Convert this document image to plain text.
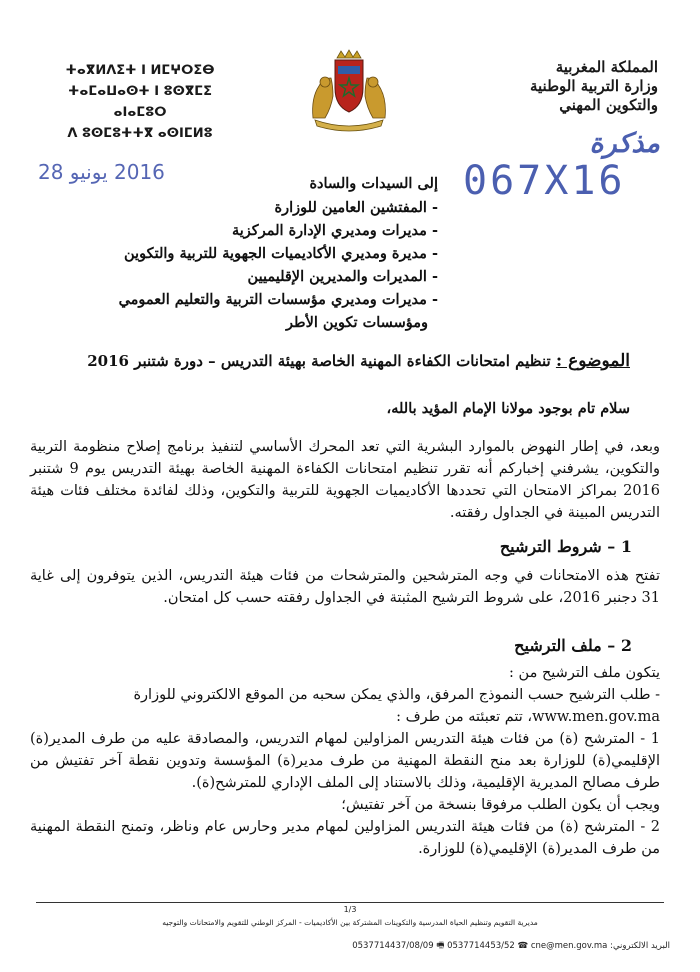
المملكة المغربية
وزارة التربية الوطنية
والتكوين المهني
ⵜⴰⴳⵍⴷⵉⵜ ⵏ ⵍⵎⵖⵔⵉⴱ
ⵜⴰⵎⴰⵡⴰⵙⵜ ⵏ ⵓⵙⴳⵎⵉ ⴰⵏⴰⵎⵓⵔ
ⴷ ⵓⵙⵎⵓⵜⵜⴳ ⴰⵙⵏⵎⵍⵓ	مذكرة
067X16
2016 يونيو 28	إلى السيدات والسادة
- المفتشين العامين للوزارة
- مديرات ومديري الإدارة المركزية
- مديرة ومديري الأكاديميات الجهوية للتربية والتكوين
- المديرات والمديرين الإقليميين
- مديرات ومديري مؤسسات التربية والتعليم العمومي
ومؤسسات تكوين الأطر
الموضوع : تنظيم امتحانات الكفاءة المهنية الخاصة بهيئة التدريس – دورة شتنبر 2016
سلام تام بوجود مولانا الإمام المؤيد بالله،
وبعد، في إطار النهوض بالموارد البشرية التي تعد المحرك الأساسي لتنفيذ برنامج إصلاح منظومة التربية والتكوين، يشرفني إخباركم أنه تقرر تنظيم امتحانات الكفاءة المهنية الخاصة بهيئة التدريس يوم 9 شتنبر 2016 بمراكز الامتحان التي تحددها الأكاديميات الجهوية للتربية والتكوين، وذلك لفائدة مختلف فئات هيئة التدريس المبينة في الجداول رفقته.
1 – شروط الترشيح
تفتح هذه الامتحانات في وجه المترشحين والمترشحات من فئات هيئة التدريس، الذين يتوفرون إلى غاية 31 دجنبر 2016، على شروط الترشيح المثبتة في الجداول رفقته حسب كل امتحان.
2 – ملف الترشيح
يتكون ملف الترشيح من :
- طلب الترشيح حسب النموذج المرفق، والذي يمكن سحبه من الموقع الالكتروني للوزارة
www.men.gov.ma، تتم تعبئته من طرف :
1 - المترشح (ة) من فئات هيئة التدريس المزاولين لمهام التدريس، والمصادقة عليه من طرف المدير(ة) الإقليمي(ة) للوزارة بعد منح النقطة المهنية من طرف مدير(ة) المؤسسة وتدوين نقطة آخر تفتيش من طرف مصالح المديرية الإقليمية، وذلك بالاستناد إلى الملف الإداري للمترشح(ة).
ويجب أن يكون الطلب مرفوقا بنسخة من آخر تفتيش؛
2 - المترشح (ة) من فئات هيئة التدريس المزاولين لمهام مدير وحارس عام وناظر، وتمنح النقطة المهنية من طرف المدير(ة) الإقليمي(ة) للوزارة.
1/3
مديرية التقويم وتنظيم الحياة المدرسية والتكوينات المشتركة بين الأكاديميات - المركز الوطني للتقويم والامتحانات والتوجيه
البريد الالكتروني: cne@men.gov.ma ☎ 0537714453/52 🖷 0537714437/08/09
